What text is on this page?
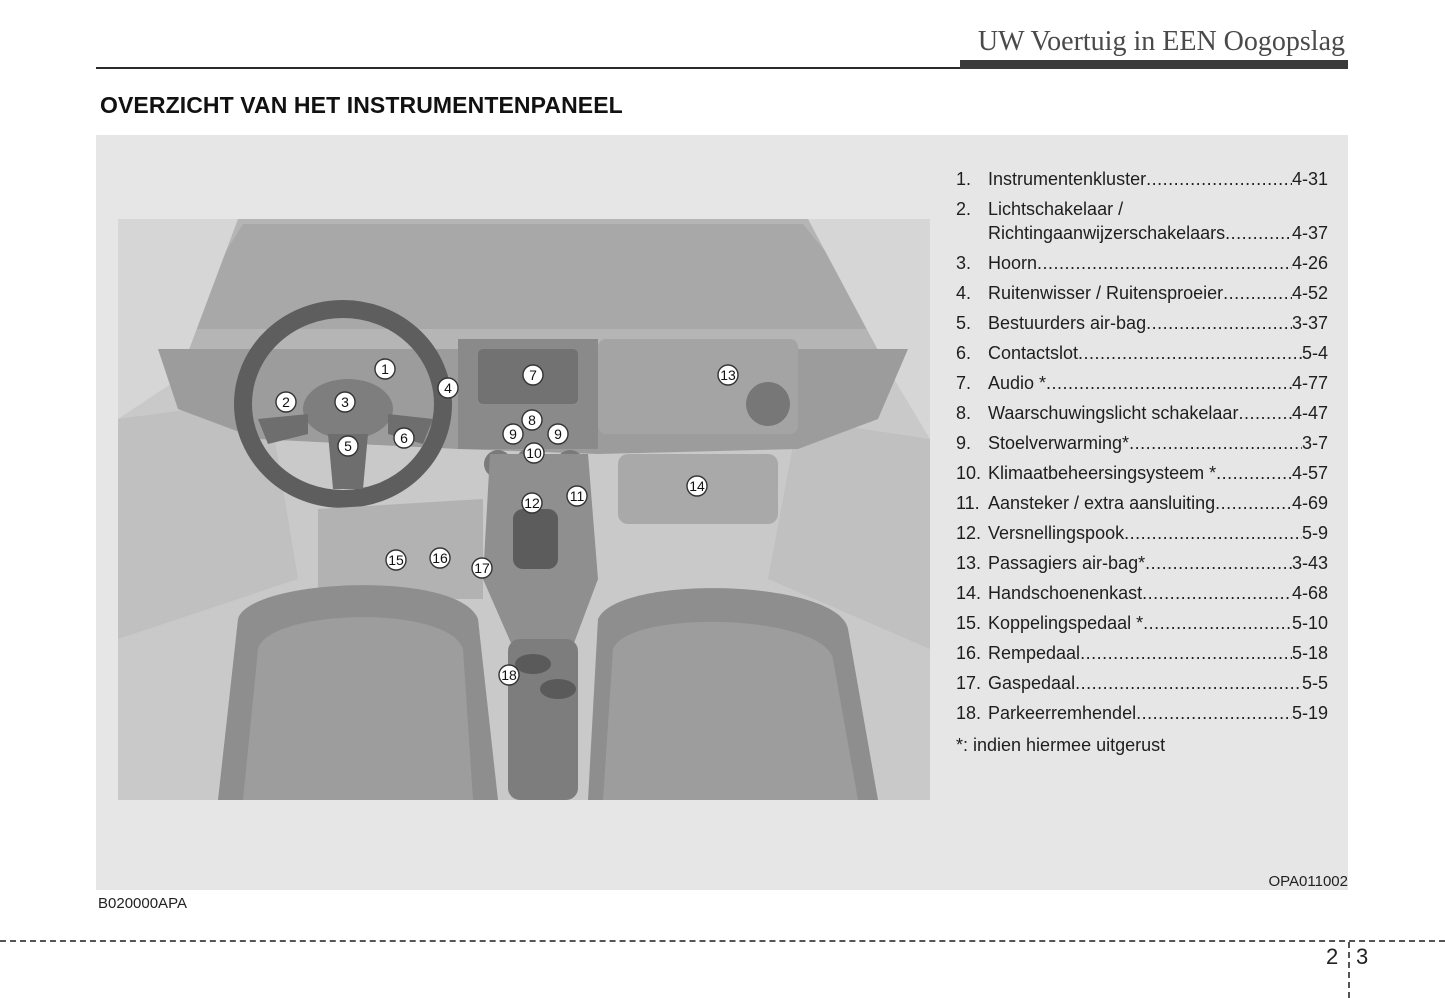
UW Voertuig in EEN Oogopslag
OVERZICHT VAN HET INSTRUMENTENPANEEL
1
2	3
4
5	6
7
8
9	9
10
11
12
13
14
15 16
17
18
1. Instrumentenkluster .....	4-31
2. Lichtschakelaar /
Richtingaanwijzerschakelaars .....	4-37
3. Hoorn .....	4-26
4. Ruitenwisser / Ruitensproeier .....	4-52
5. Bestuurders air-bag .....	3-37
6. Contactslot .....	5-4
7. Audio * .....	4-77
8. Waarschuwingslicht schakelaar .....	4-47
9. Stoelverwarming* .....	3-7
10. Klimaatbeheersingsysteem * .....	4-57
11. Aansteker / extra aansluiting .....	4-69
12. Versnellingspook .....	5-9
13. Passagiers air-bag* .....	3-43
14. Handschoenenkast .....	4-68
15. Koppelingspedaal * .....	5-10
16. Rempedaal .....	5-18
17. Gaspedaal .....	5-5
18. Parkeerremhendel .....	5-19
*: indien hiermee uitgerust
OPA011002
B020000APA
2 3
